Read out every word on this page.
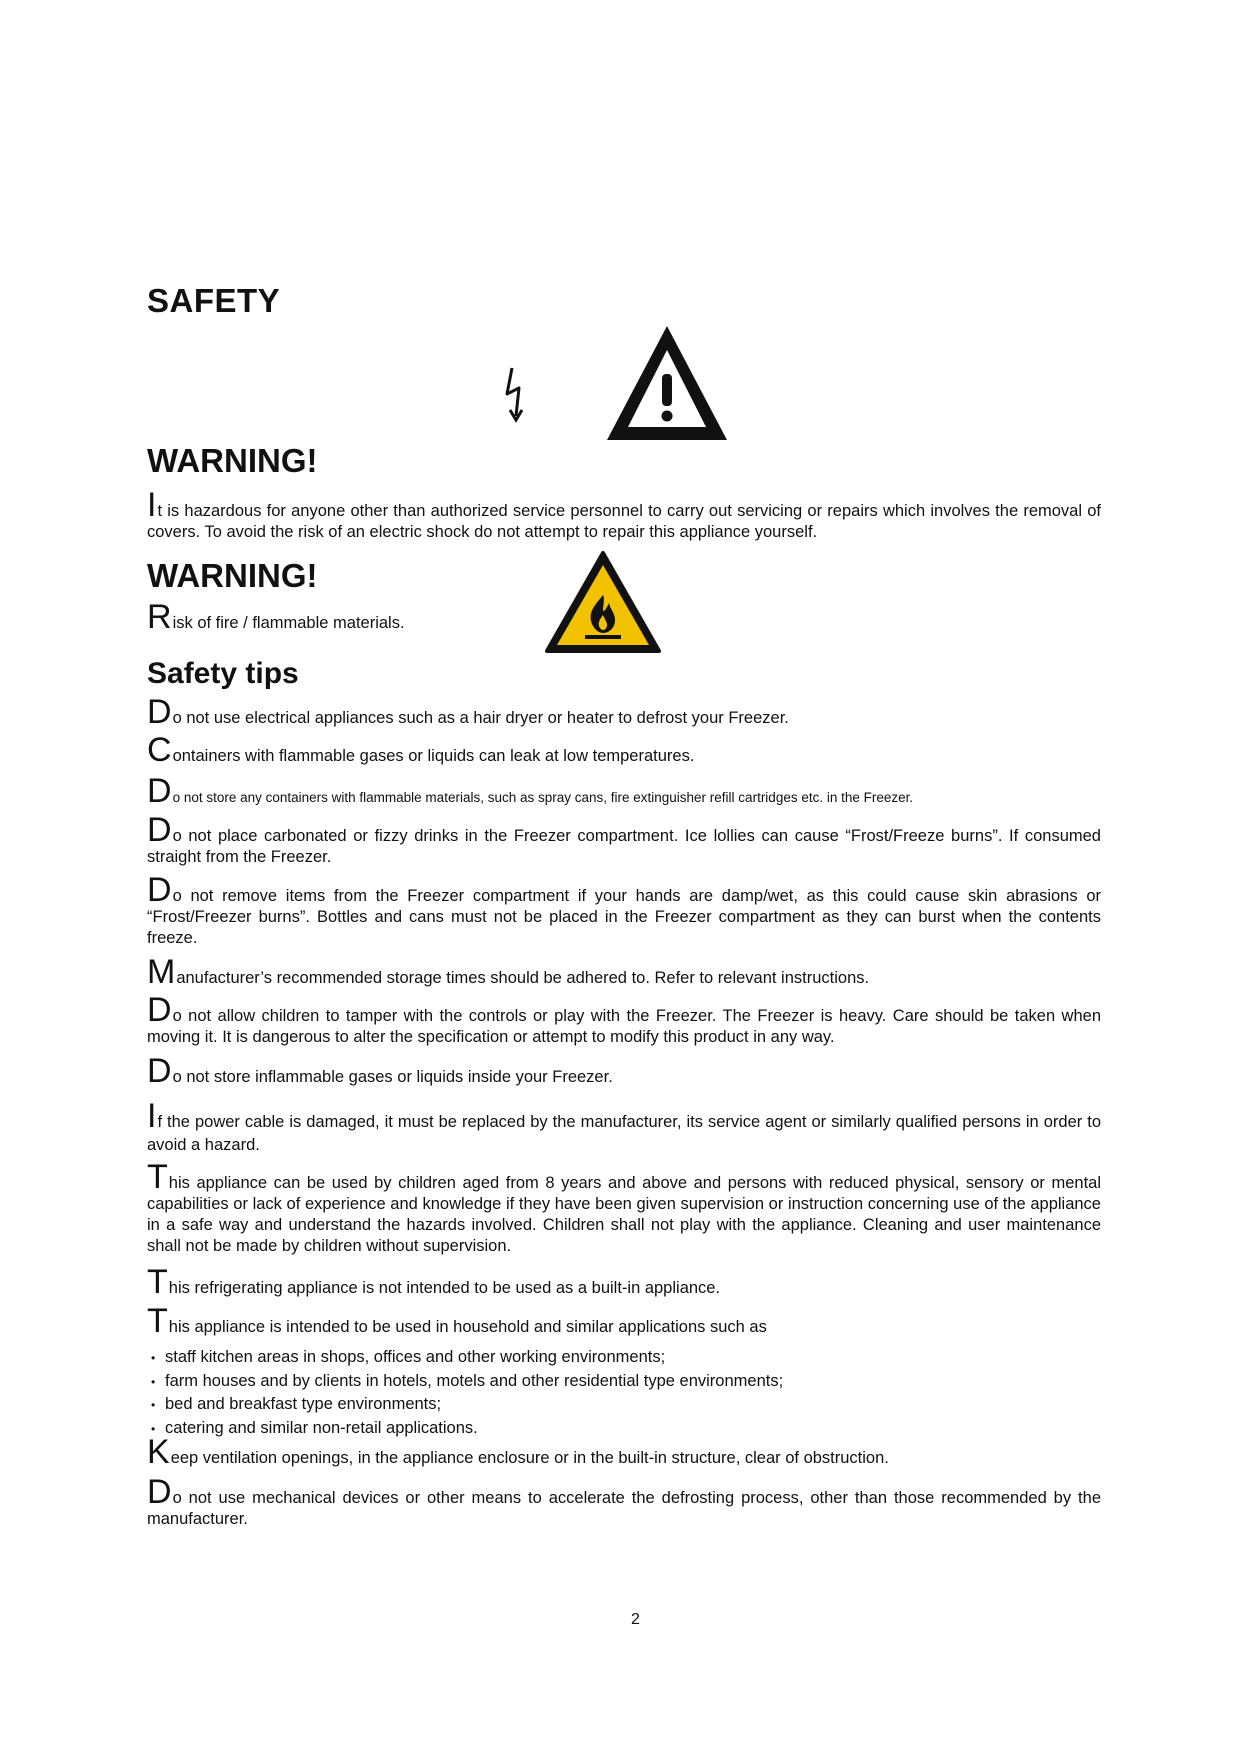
SAFETY
WARNING!
It is hazardous for anyone other than authorized service personnel to carry out servicing or repairs which involves the removal of covers. To avoid the risk of an electric shock do not attempt to repair this appliance yourself.
WARNING!
Risk of fire / flammable materials.
Safety tips
Do not use electrical appliances such as a hair dryer or heater to defrost your Freezer.
Containers with flammable gases or liquids can leak at low temperatures.
Do not store any containers with flammable materials, such as spray cans, fire extinguisher refill cartridges etc. in the Freezer.
Do not place carbonated or fizzy drinks in the Freezer compartment. Ice lollies can cause “Frost/Freeze burns”. If consumed straight from the Freezer.
Do not remove items from the Freezer compartment if your hands are damp/wet, as this could cause skin abrasions or “Frost/Freezer burns”. Bottles and cans must not be placed in the Freezer compartment as they can burst when the contents freeze.
Manufacturer’s recommended storage times should be adhered to. Refer to relevant instructions.
Do not allow children to tamper with the controls or play with the Freezer. The Freezer is heavy. Care should be taken when moving it. It is dangerous to alter the specification or attempt to modify this product in any way.
Do not store inflammable gases or liquids inside your Freezer.
If the power cable is damaged, it must be replaced by the manufacturer, its service agent or similarly qualified persons in order to avoid a hazard.
This appliance can be used by children aged from 8 years and above and persons with reduced physical, sensory or mental capabilities or lack of experience and knowledge if they have been given supervision or instruction concerning use of the appliance in a safe way and understand the hazards involved. Children shall not play with the appliance. Cleaning and user maintenance shall not be made by children without supervision.
This refrigerating appliance is not intended to be used as a built-in appliance.
This appliance is intended to be used in household and similar applications such as
• staff kitchen areas in shops, offices and other working environments;
• farm houses and by clients in hotels, motels and other residential type environments;
• bed and breakfast type environments;
• catering and similar non-retail applications.
Keep ventilation openings, in the appliance enclosure or in the built-in structure, clear of obstruction.
Do not use mechanical devices or other means to accelerate the defrosting process, other than those recommended by the manufacturer.
2
